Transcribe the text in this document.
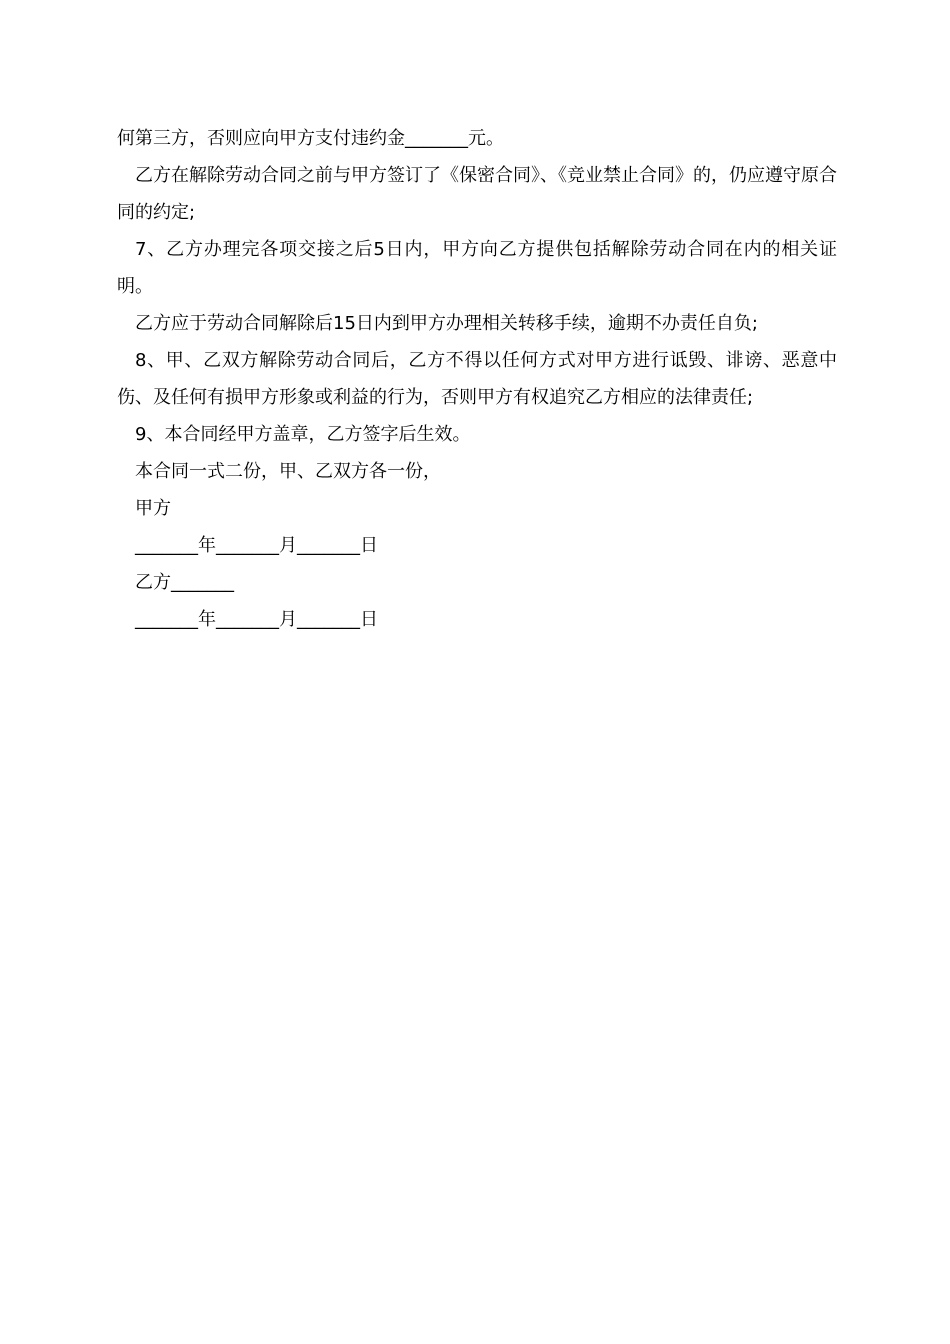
何第三方，否则应向甲方支付违约金_______元。

乙方在解除劳动合同之前与甲方签订了《保密合同》、《竞业禁止合同》的，仍应遵守原合同的约定;

7、乙方办理完各项交接之后5日内，甲方向乙方提供包括解除劳动合同在内的相关证明。

乙方应于劳动合同解除后15日内到甲方办理相关转移手续，逾期不办责任自负;

8、甲、乙双方解除劳动合同后，乙方不得以任何方式对甲方进行诋毁、诽谤、恶意中伤、及任何有损甲方形象或利益的行为，否则甲方有权追究乙方相应的法律责任;

9、本合同经甲方盖章，乙方签字后生效。

本合同一式二份，甲、乙双方各一份，

甲方

_______年_______月_______日

乙方_______

_______年_______月_______日
